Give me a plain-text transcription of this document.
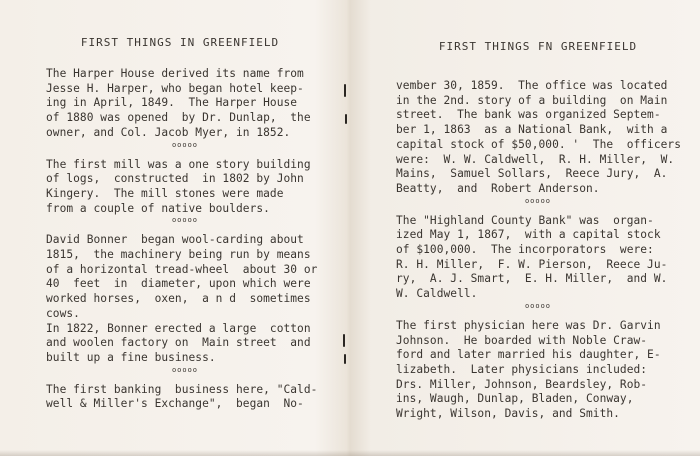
FIRST THINGS IN GREENFIELD
The Harper House derived its name from
Jesse H. Harper, who began hotel keep-
ing in April, 1849.  The Harper House
of 1880 was opened  by Dr. Dunlap,  the
owner, and Col. Jacob Myer, in 1852.
ooooo
The first mill was a one story building
of logs,  constructed  in 1802 by John
Kingery.  The mill stones were made
from a couple of native boulders.
ooooo
David Bonner  began wool-carding about
1815,  the machinery being run by means
of a horizontal tread-wheel  about 30 or
40  feet  in  diameter, upon which were
worked horses,  oxen,  a n d  sometimes
cows.
In 1822, Bonner erected a large  cotton
and woolen factory on  Main street  and
built up a fine business.
ooooo
The first banking  business here, "Cald-
well & Miller's Exchange",  began  No-
FIRST THINGS FN GREENFIELD
vember 30, 1859.  The office was located
in the 2nd. story of a building  on Main
street.  The bank was organized Septem-
ber 1, 1863  as a National Bank,  with a
capital stock of $50,000. '  The  officers
were:  W. W. Caldwell,  R. H. Miller,  W.
Mains,  Samuel Sollars,  Reece Jury,  A.
Beatty,  and  Robert Anderson.
ooooo
The "Highland County Bank" was  organ-
ized May 1, 1867,  with a capital stock
of $100,000.  The incorporators  were:
R. H. Miller,  F. W. Pierson,  Reece Ju-
ry,  A. J. Smart,  E. H. Miller,  and W.
W. Caldwell.
ooooo
The first physician here was Dr. Garvin
Johnson.  He boarded with Noble Craw-
ford and later married his daughter, E-
lizabeth.  Later physicians included:
Drs. Miller, Johnson, Beardsley, Rob-
ins, Waugh, Dunlap, Bladen, Conway,
Wright, Wilson, Davis, and Smith.
